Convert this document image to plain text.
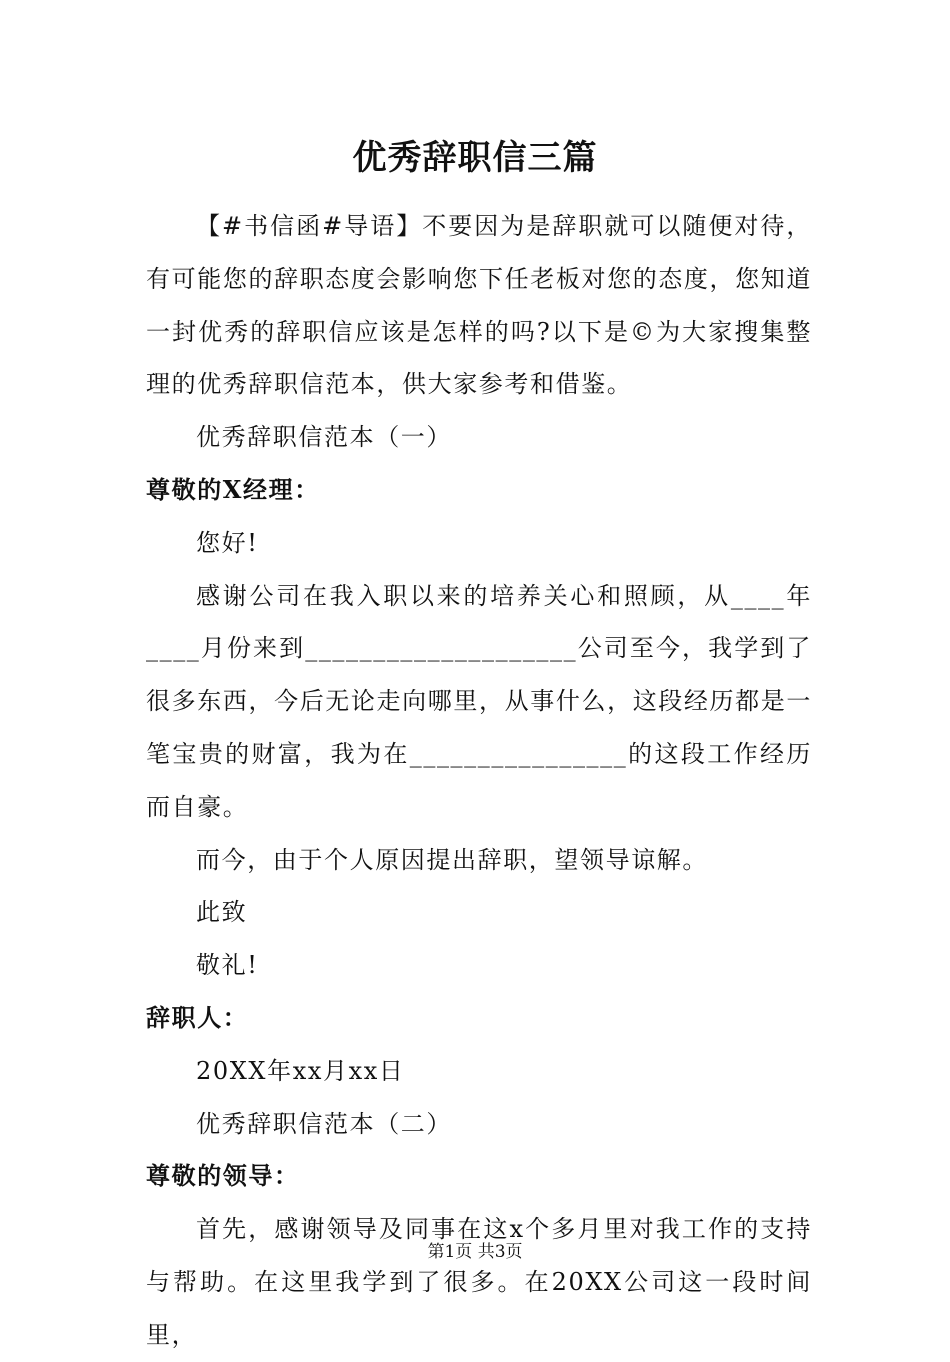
优秀辞职信三篇

【#书信函#导语】不要因为是辞职就可以随便对待，有可能您的辞职态度会影响您下任老板对您的态度，您知道一封优秀的辞职信应该是怎样的吗?以下是©为大家搜集整理的优秀辞职信范本，供大家参考和借鉴。

优秀辞职信范本（一）

尊敬的X经理：

您好!

感谢公司在我入职以来的培养关心和照顾，从____年____月份来到____________________公司至今，我学到了很多东西，今后无论走向哪里，从事什么，这段经历都是一笔宝贵的财富，我为在________________的这段工作经历而自豪。

而今，由于个人原因提出辞职，望领导谅解。

此致

敬礼!

辞职人：

20XX年xx月xx日

优秀辞职信范本（二）

尊敬的领导：

首先，感谢领导及同事在这x个多月里对我工作的支持与帮助。在这里我学到了很多。在20XX公司这一段时间里，

第1页 共3页
